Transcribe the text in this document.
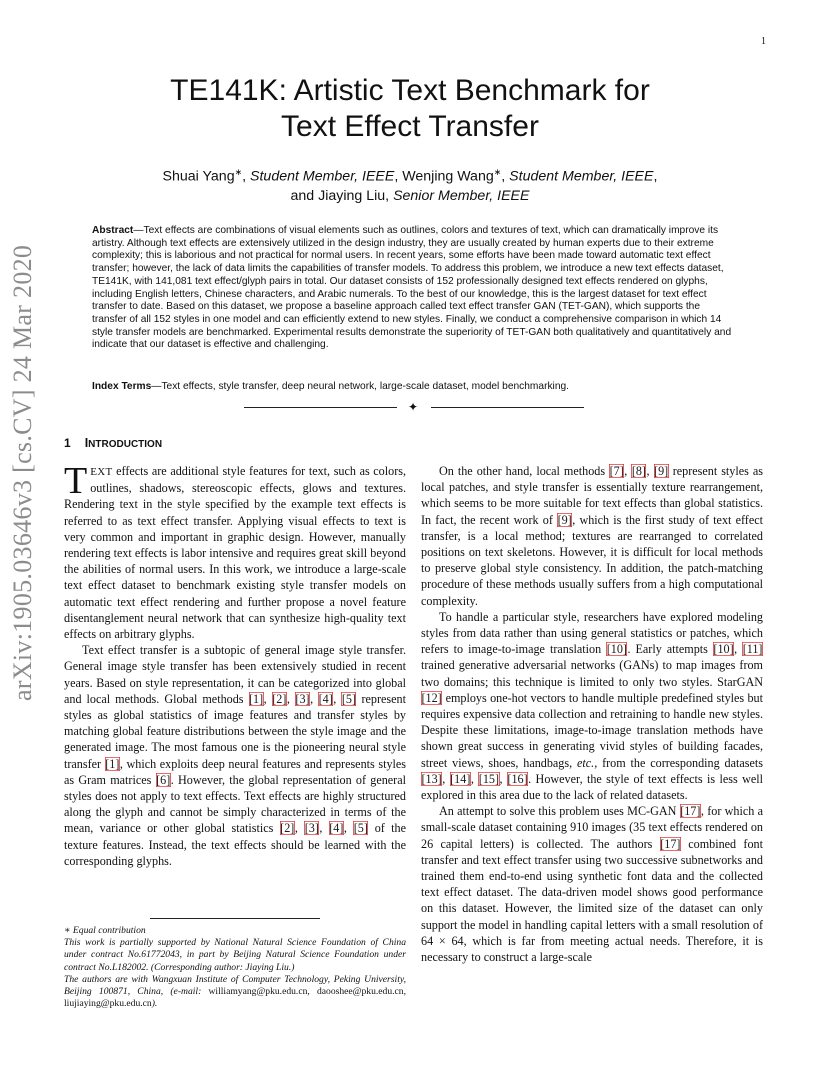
1
arXiv:1905.03646v3 [cs.CV] 24 Mar 2020
TE141K: Artistic Text Benchmark for
Text Effect Transfer
Shuai Yang∗, Student Member, IEEE, Wenjing Wang∗, Student Member, IEEE,
and Jiaying Liu, Senior Member, IEEE
Abstract—Text effects are combinations of visual elements such as outlines, colors and textures of text, which can dramatically improve its artistry. Although text effects are extensively utilized in the design industry, they are usually created by human experts due to their extreme complexity; this is laborious and not practical for normal users. In recent years, some efforts have been made toward automatic text effect transfer; however, the lack of data limits the capabilities of transfer models. To address this problem, we introduce a new text effects dataset, TE141K, with 141,081 text effect/glyph pairs in total. Our dataset consists of 152 professionally designed text effects rendered on glyphs, including English letters, Chinese characters, and Arabic numerals. To the best of our knowledge, this is the largest dataset for text effect transfer to date. Based on this dataset, we propose a baseline approach called text effect transfer GAN (TET-GAN), which supports the transfer of all 152 styles in one model and can efficiently extend to new styles. Finally, we conduct a comprehensive comparison in which 14 style transfer models are benchmarked. Experimental results demonstrate the superiority of TET-GAN both qualitatively and quantitatively and indicate that our dataset is effective and challenging.
Index Terms—Text effects, style transfer, deep neural network, large-scale dataset, model benchmarking.
✦
1 INTRODUCTION

TEXT effects are additional style features for text, such as colors, outlines, shadows, stereoscopic effects, glows and textures. Rendering text in the style specified by the example text effects is referred to as text effect transfer. Applying visual effects to text is very common and important in graphic design. However, manually rendering text effects is labor intensive and requires great skill beyond the abilities of normal users. In this work, we introduce a large-scale text effect dataset to benchmark existing style transfer models on automatic text effect rendering and further propose a novel feature disentanglement neural network that can synthesize high-quality text effects on arbitrary glyphs.

Text effect transfer is a subtopic of general image style transfer. General image style transfer has been extensively studied in recent years. Based on style representation, it can be categorized into global and local methods. Global methods [1], [2], [3], [4], [5] represent styles as global statistics of image features and transfer styles by matching global feature distributions between the style image and the generated image. The most famous one is the pioneering neural style transfer [1], which exploits deep neural features and represents styles as Gram matrices [6]. However, the global representation of general styles does not apply to text effects. Text effects are highly structured along the glyph and cannot be simply characterized in terms of the mean, variance or other global statistics [2], [3], [4], [5] of the texture features. Instead, the text effects should be learned with the corresponding glyphs.

∗ Equal contribution
This work is partially supported by National Natural Science Foundation of China under contract No.61772043, in part by Beijing Natural Science Foundation under contract No.L182002. (Corresponding author: Jiaying Liu.)
The authors are with Wangxuan Institute of Computer Technology, Peking University, Beijing 100871, China, (e-mail: williamyang@pku.edu.cn, daooshee@pku.edu.cn, liujiaying@pku.edu.cn).

On the other hand, local methods [7], [8], [9] represent styles as local patches, and style transfer is essentially texture rearrangement, which seems to be more suitable for text effects than global statistics. In fact, the recent work of [9], which is the first study of text effect transfer, is a local method; textures are rearranged to correlated positions on text skeletons. However, it is difficult for local methods to preserve global style consistency. In addition, the patch-matching procedure of these methods usually suffers from a high computational complexity.

To handle a particular style, researchers have explored modeling styles from data rather than using general statistics or patches, which refers to image-to-image translation [10]. Early attempts [10], [11] trained generative adversarial networks (GANs) to map images from two domains; this technique is limited to only two styles. StarGAN [12] employs one-hot vectors to handle multiple predefined styles but requires expensive data collection and retraining to handle new styles. Despite these limitations, image-to-image translation methods have shown great success in generating vivid styles of building facades, street views, shoes, handbags, etc., from the corresponding datasets [13], [14], [15], [16]. However, the style of text effects is less well explored in this area due to the lack of related datasets.

An attempt to solve this problem uses MC-GAN [17], for which a small-scale dataset containing 910 images (35 text effects rendered on 26 capital letters) is collected. The authors [17] combined font transfer and text effect transfer using two successive subnetworks and trained them end-to-end using synthetic font data and the collected text effect dataset. The data-driven model shows good performance on this dataset. However, the limited size of the dataset can only support the model in handling capital letters with a small resolution of 64 × 64, which is far from meeting actual needs. Therefore, it is necessary to construct a large-scale
